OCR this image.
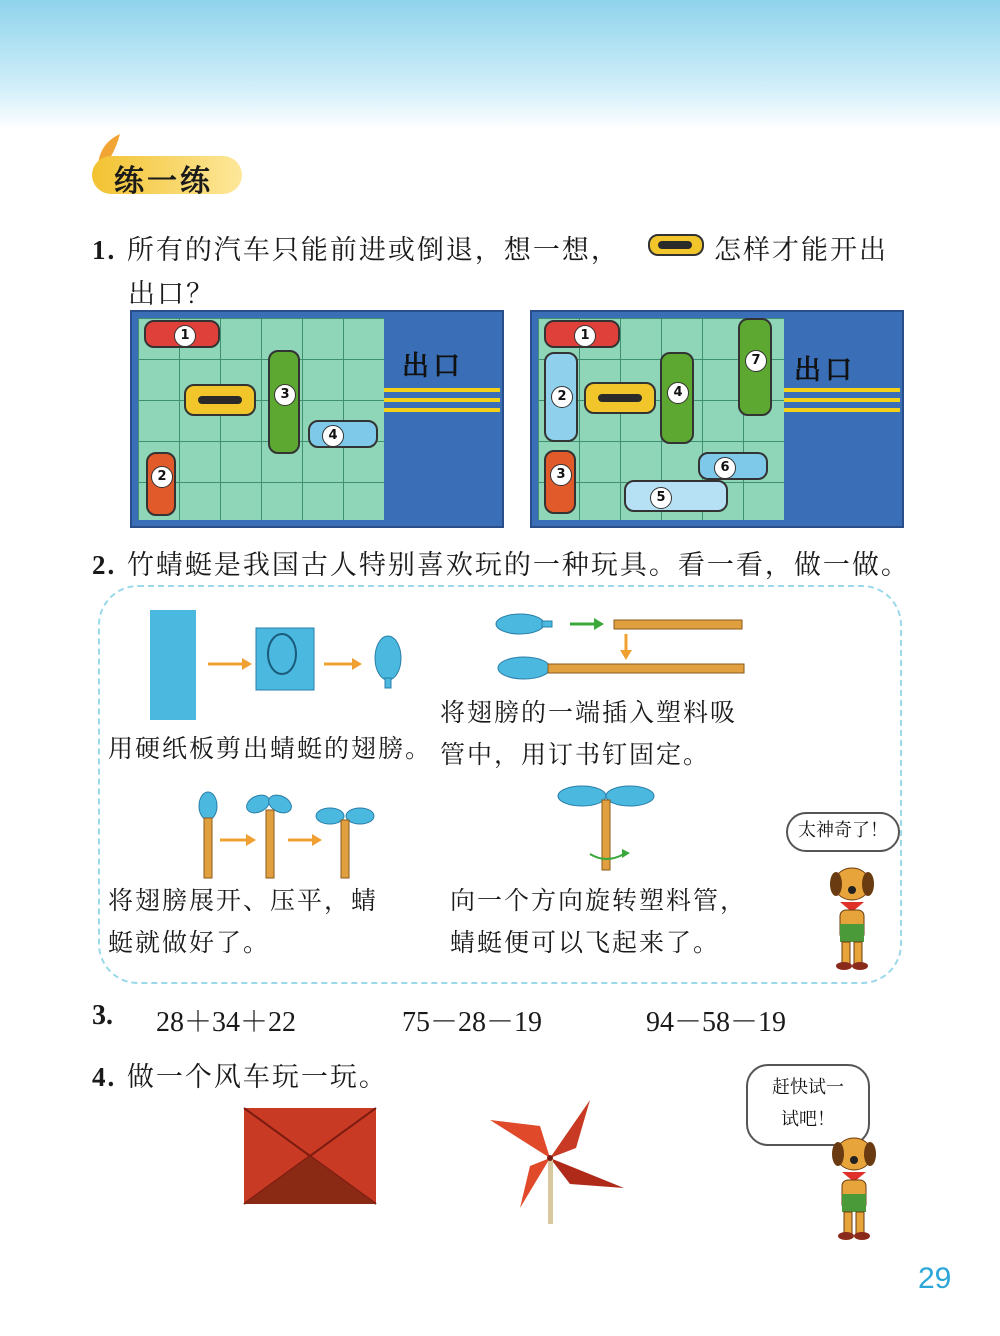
练一练
1. 所有的汽车只能前进或倒退，想一想，	怎样才能开出
出口？
出口
1
2
3
4
出口
1
2
3
4
5
6
7
2. 竹蜻蜓是我国古人特别喜欢玩的一种玩具。看一看，做一做。
用硬纸板剪出蜻蜓的翅膀。
将翅膀的一端插入塑料吸
管中，用订书钉固定。
将翅膀展开、压平，蜻
蜓就做好了。
向一个方向旋转塑料管，
蜻蜓便可以飞起来了。
太神奇了！
3. 28＋34＋22	75－28－19	94－58－19
4. 做一个风车玩一玩。	赶快试一
试吧！
29
